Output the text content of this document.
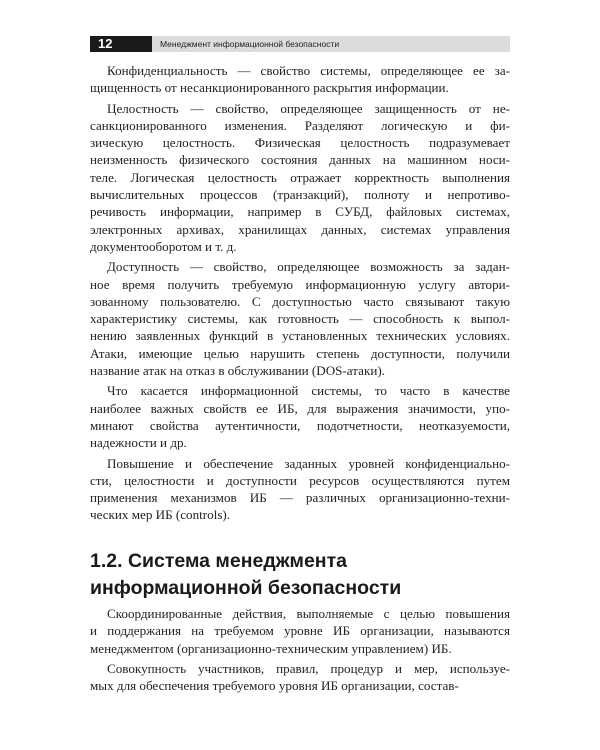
12	Менеджмент информационной безопасности

Конфиденциальность — свойство системы, определяющее ее за-
щищенность от несанкционированного раскрытия информации.

Целостность — свойство, определяющее защищенность от не-
санкционированного изменения. Разделяют логическую и фи-
зическую целостность. Физическая целостность подразумевает
неизменность физического состояния данных на машинном носи-
теле. Логическая целостность отражает корректность выполнения
вычислительных процессов (транзакций), полноту и непротиво-
речивость информации, например в СУБД, файловых системах,
электронных архивах, хранилищах данных, системах управления
документооборотом и т. д.

Доступность — свойство, определяющее возможность за задан-
ное время получить требуемую информационную услугу автори-
зованному пользователю. С доступностью часто связывают такую
характеристику системы, как готовность — способность к выпол-
нению заявленных функций в установленных технических условиях.
Атаки, имеющие целью нарушить степень доступности, получили
название атак на отказ в обслуживании (DOS-атаки).

Что касается информационной системы, то часто в качестве
наиболее важных свойств ее ИБ, для выражения значимости, упо-
минают свойства аутентичности, подотчетности, неотказуемости,
надежности и др.

Повышение и обеспечение заданных уровней конфиденциально-
сти, целостности и доступности ресурсов осуществляются путем
применения механизмов ИБ — различных организационно-техни-
ческих мер ИБ (controls).

1.2. Система менеджмента
информационной безопасности

Скоординированные действия, выполняемые с целью повышения
и поддержания на требуемом уровне ИБ организации, называются
менеджментом (организационно-техническим управлением) ИБ.

Совокупность участников, правил, процедур и мер, используе-
мых для обеспечения требуемого уровня ИБ организации, состав-
